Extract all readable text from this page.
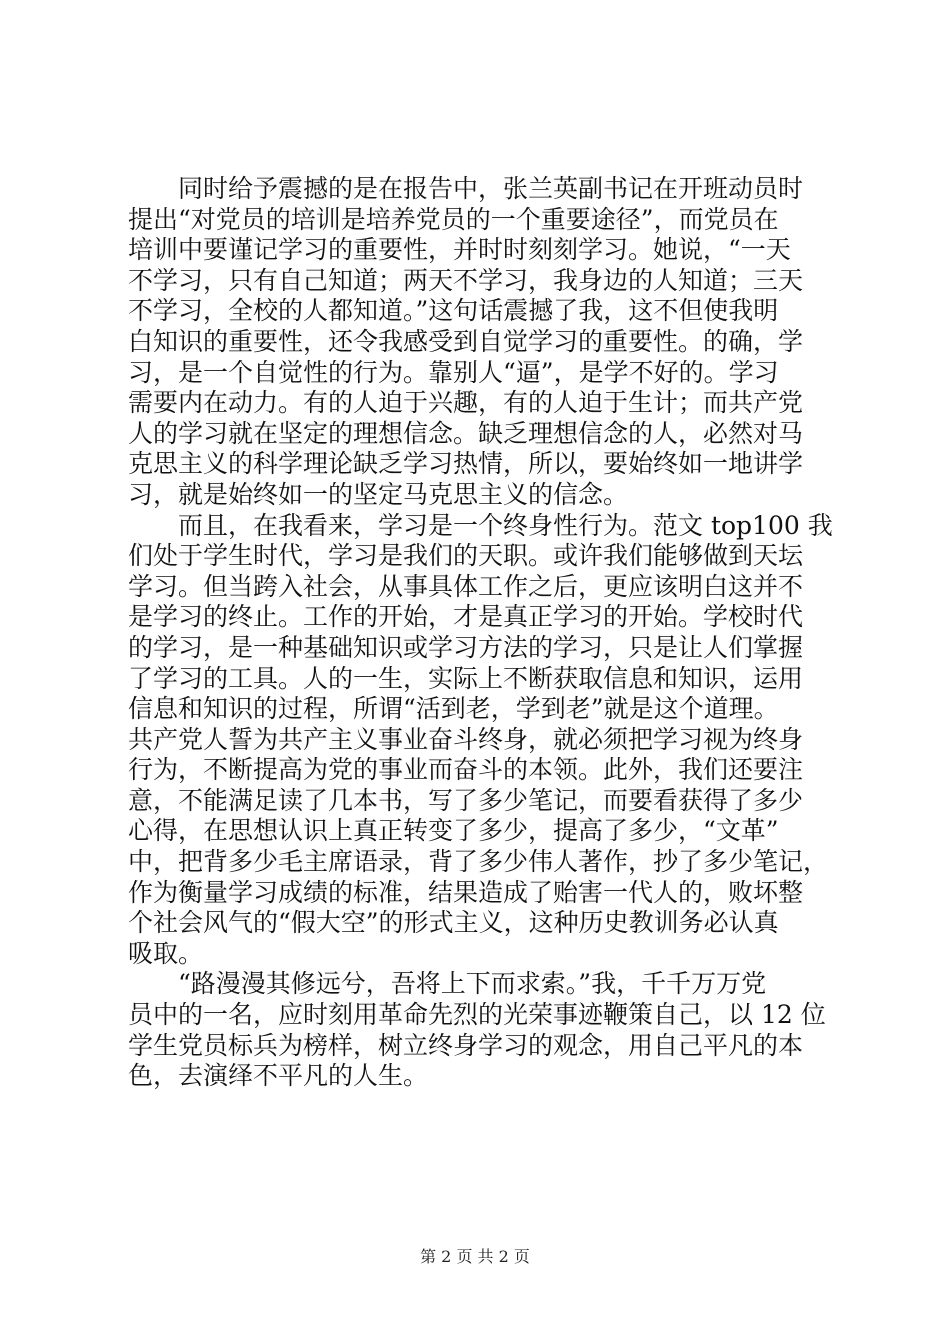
　　同时给予震撼的是在报告中，张兰英副书记在开班动员时
提出“对党员的培训是培养党员的一个重要途径”，而党员在
培训中要谨记学习的重要性，并时时刻刻学习。她说，“一天
不学习，只有自己知道；两天不学习，我身边的人知道；三天
不学习，全校的人都知道。”这句话震撼了我，这不但使我明
白知识的重要性，还令我感受到自觉学习的重要性。的确，学
习，是一个自觉性的行为。靠别人“逼”，是学不好的。学习
需要内在动力。有的人迫于兴趣，有的人迫于生计；而共产党
人的学习就在坚定的理想信念。缺乏理想信念的人，必然对马
克思主义的科学理论缺乏学习热情，所以，要始终如一地讲学
习，就是始终如一的坚定马克思主义的信念。
　　而且，在我看来，学习是一个终身性行为。范文 top100 我
们处于学生时代，学习是我们的天职。或许我们能够做到天坛
学习。但当跨入社会，从事具体工作之后，更应该明白这并不
是学习的终止。工作的开始，才是真正学习的开始。学校时代
的学习，是一种基础知识或学习方法的学习，只是让人们掌握
了学习的工具。人的一生，实际上不断获取信息和知识，运用
信息和知识的过程，所谓“活到老，学到老”就是这个道理。
共产党人誓为共产主义事业奋斗终身，就必须把学习视为终身
行为，不断提高为党的事业而奋斗的本领。此外，我们还要注
意，不能满足读了几本书，写了多少笔记，而要看获得了多少
心得，在思想认识上真正转变了多少，提高了多少，“文革”
中，把背多少毛主席语录，背了多少伟人著作，抄了多少笔记，
作为衡量学习成绩的标准，结果造成了贻害一代人的，败坏整
个社会风气的“假大空”的形式主义，这种历史教训务必认真
吸取。
　　“路漫漫其修远兮，吾将上下而求索。”我，千千万万党
员中的一名，应时刻用革命先烈的光荣事迹鞭策自己，以 12 位
学生党员标兵为榜样，树立终身学习的观念，用自己平凡的本
色，去演绎不平凡的人生。
第 2 页 共 2 页
